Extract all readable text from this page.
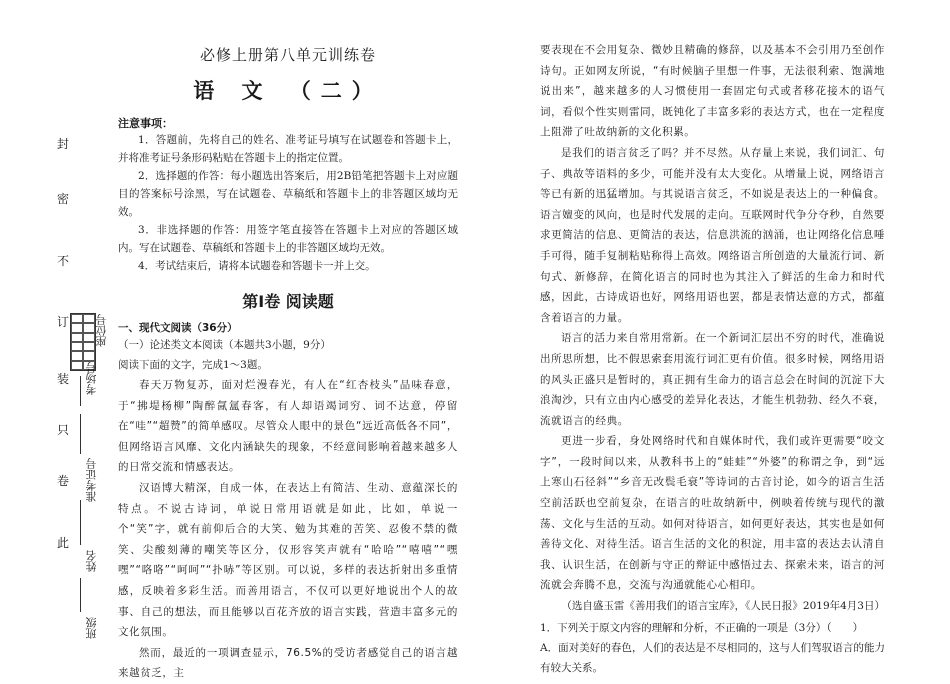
封
密
不
订
装
只
卷
此
座位号
考场号
准考证号
姓名
班级
必修上册第八单元训练卷
语 文 （二）
注意事项：
1．答题前，先将自己的姓名、准考证号填写在试题卷和答题卡上，并将准考证号条形码粘贴在答题卡上的指定位置。
2．选择题的作答：每小题选出答案后，用2B铅笔把答题卡上对应题目的答案标号涂黑，写在试题卷、草稿纸和答题卡上的非答题区域均无效。
3．非选择题的作答：用签字笔直接答在答题卡上对应的答题区域内。写在试题卷、草稿纸和答题卡上的非答题区域均无效。
4．考试结束后，请将本试题卷和答题卡一并上交。
第Ⅰ卷 阅读题
一、现代文阅读（36分）
（一）论述类文本阅读（本题共3小题，9分）
阅读下面的文字，完成1～3题。
春天万物复苏，面对烂漫春光，有人在“红杏枝头”品味春意，于“拂堤杨柳”陶醉氤氲春客，有人却语竭词穷、词不达意，停留在“哇”“超赞”的简单感叹。尽管众人眼中的景色“远近高低各不同”，但网络语言风靡、文化内涵缺失的现象，不经意间影响着越来越多人的日常交流和情感表达。
汉语博大精深，自成一体，在表达上有简洁、生动、意蕴深长的特点。不说古诗词，单说日常用语就是如此，比如，单说一个“笑”字，就有前仰后合的大笑、勉为其难的苦笑、忍俊不禁的微笑、尖酸刻薄的嘲笑等区分，仅形容笑声就有“哈哈”“嘻嘻”“嘿嘿”“咯咯”“呵呵”“扑哧”等区别。可以说，多样的表达折射出多重情感，反映着多彩生活。而善用语言，不仅可以更好地说出个人的故事、自己的想法，而且能够以百花齐放的语言实践，营造丰富多元的文化氛围。
然而，最近的一项调查显示，76.5%的受访者感觉自己的语言越来越贫乏，主
要表现在不会用复杂、微妙且精确的修辞，以及基本不会引用乃至创作诗句。正如网友所说，“有时候脑子里想一件事，无法很利索、饱满地说出来”，越来越多的人习惯使用一套固定句式或者移花接木的语气词，看似个性实则雷同，既钝化了丰富多彩的表达方式，也在一定程度上阻滞了吐故纳新的文化积累。
是我们的语言贫乏了吗？并不尽然。从存量上来说，我们词汇、句子、典故等语料的多少，可能并没有太大变化。从增量上说，网络语言等已有新的迅猛增加。与其说语言贫乏，不如说是表达上的一种偏食。语言嬗变的风向，也是时代发展的走向。互联网时代争分夺秒，自然要求更简洁的信息、更简洁的表达，信息洪流的汹涌，也让网络化信息唾手可得，随手复制粘贴称得上高效。网络语言所创造的大量流行词、新句式、新修辞，在简化语言的同时也为其注入了鲜活的生命力和时代感，因此，古诗成语也好，网络用语也罢，都是表情达意的方式，都蕴含着语言的力量。
语言的活力来自常用常新。在一个新词汇层出不穷的时代，准确说出所思所想，比不假思索套用流行词汇更有价值。很多时候，网络用语的风头正盛只是暂时的，真正拥有生命力的语言总会在时间的沉淀下大浪淘沙，只有立由内心感受的差异化表达，才能生机勃勃、经久不衰，流就语言的经典。
更进一步看，身处网络时代和自媒体时代，我们或许更需要“咬文字”，一段时间以来，从教科书上的“蛙蛙”“外婆”的称谓之争，到“远上寒山石径斜”“乡音无改鬓毛衰”等诗词的古音讨论，如今的语言生活空前活跃也空前复杂，在语言的吐故纳新中，例映着传统与现代的激荡、文化与生活的互动。如何对待语言，如何更好表达，其实也是如何善待文化、对待生活。语言生活的文化的积淀，用丰富的表达去认清自我、认识生活，在创新与守正的辩证中感悟过去、探索未来，语言的河流就会奔腾不息，交流与沟通就能心心相印。
（选自盛玉雷《善用我们的语言宝库》，《人民日报》2019年4月3日）
1．下列关于原文内容的理解和分析，不正确的一项是（3分）（　　）
A．面对美好的春色，人们的表达是不尽相同的，这与人们驾驭语言的能力有较大关系。
